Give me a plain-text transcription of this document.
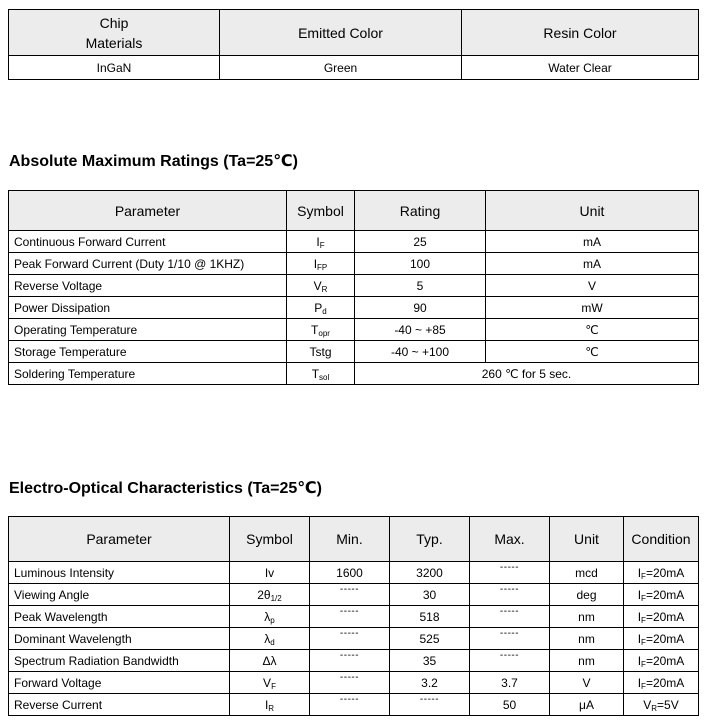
Chip
Materials	Emitted Color	Resin Color
InGaN	Green	Water Clear
Absolute Maximum Ratings (Ta=25℃)
Parameter	Symbol	Rating	Unit
Continuous Forward Current	$I_F$	25	mA
Peak Forward Current (Duty 1/10 @ 1KHZ)	$I_{FP}$	100	mA
Reverse Voltage	$V_R$	5	V
Power Dissipation	$P_d$	90	mW
Operating Temperature	$T_{opr}$	-40 ~ +85	℃
Storage Temperature	Tstg	-40 ~ +100	℃
Soldering Temperature	$T_{sol}$	260 ℃ for 5 sec.	
Electro-Optical Characteristics (Ta=25℃)
Parameter	Symbol	Min.	Typ.	Max.	Unit	Condition
Luminous Intensity	Iv	1600	3200	-----	mcd	$I_F=20mA$
Viewing Angle	$2\theta_{1/2}$	-----	30	-----	deg	$I_F=20mA$
Peak Wavelength	$\lambda_p$	-----	518	-----	nm	$I_F=20mA$
Dominant Wavelength	$\lambda_d$	-----	525	-----	nm	$I_F=20mA$
Spectrum Radiation Bandwidth	Δλ	-----	35	-----	nm	$I_F=20mA$
Forward Voltage	$V_F$	-----	3.2	3.7	V	$I_F=20mA$
Reverse Current	$I_R$	-----	-----	50	μA	$V_R=5V$
